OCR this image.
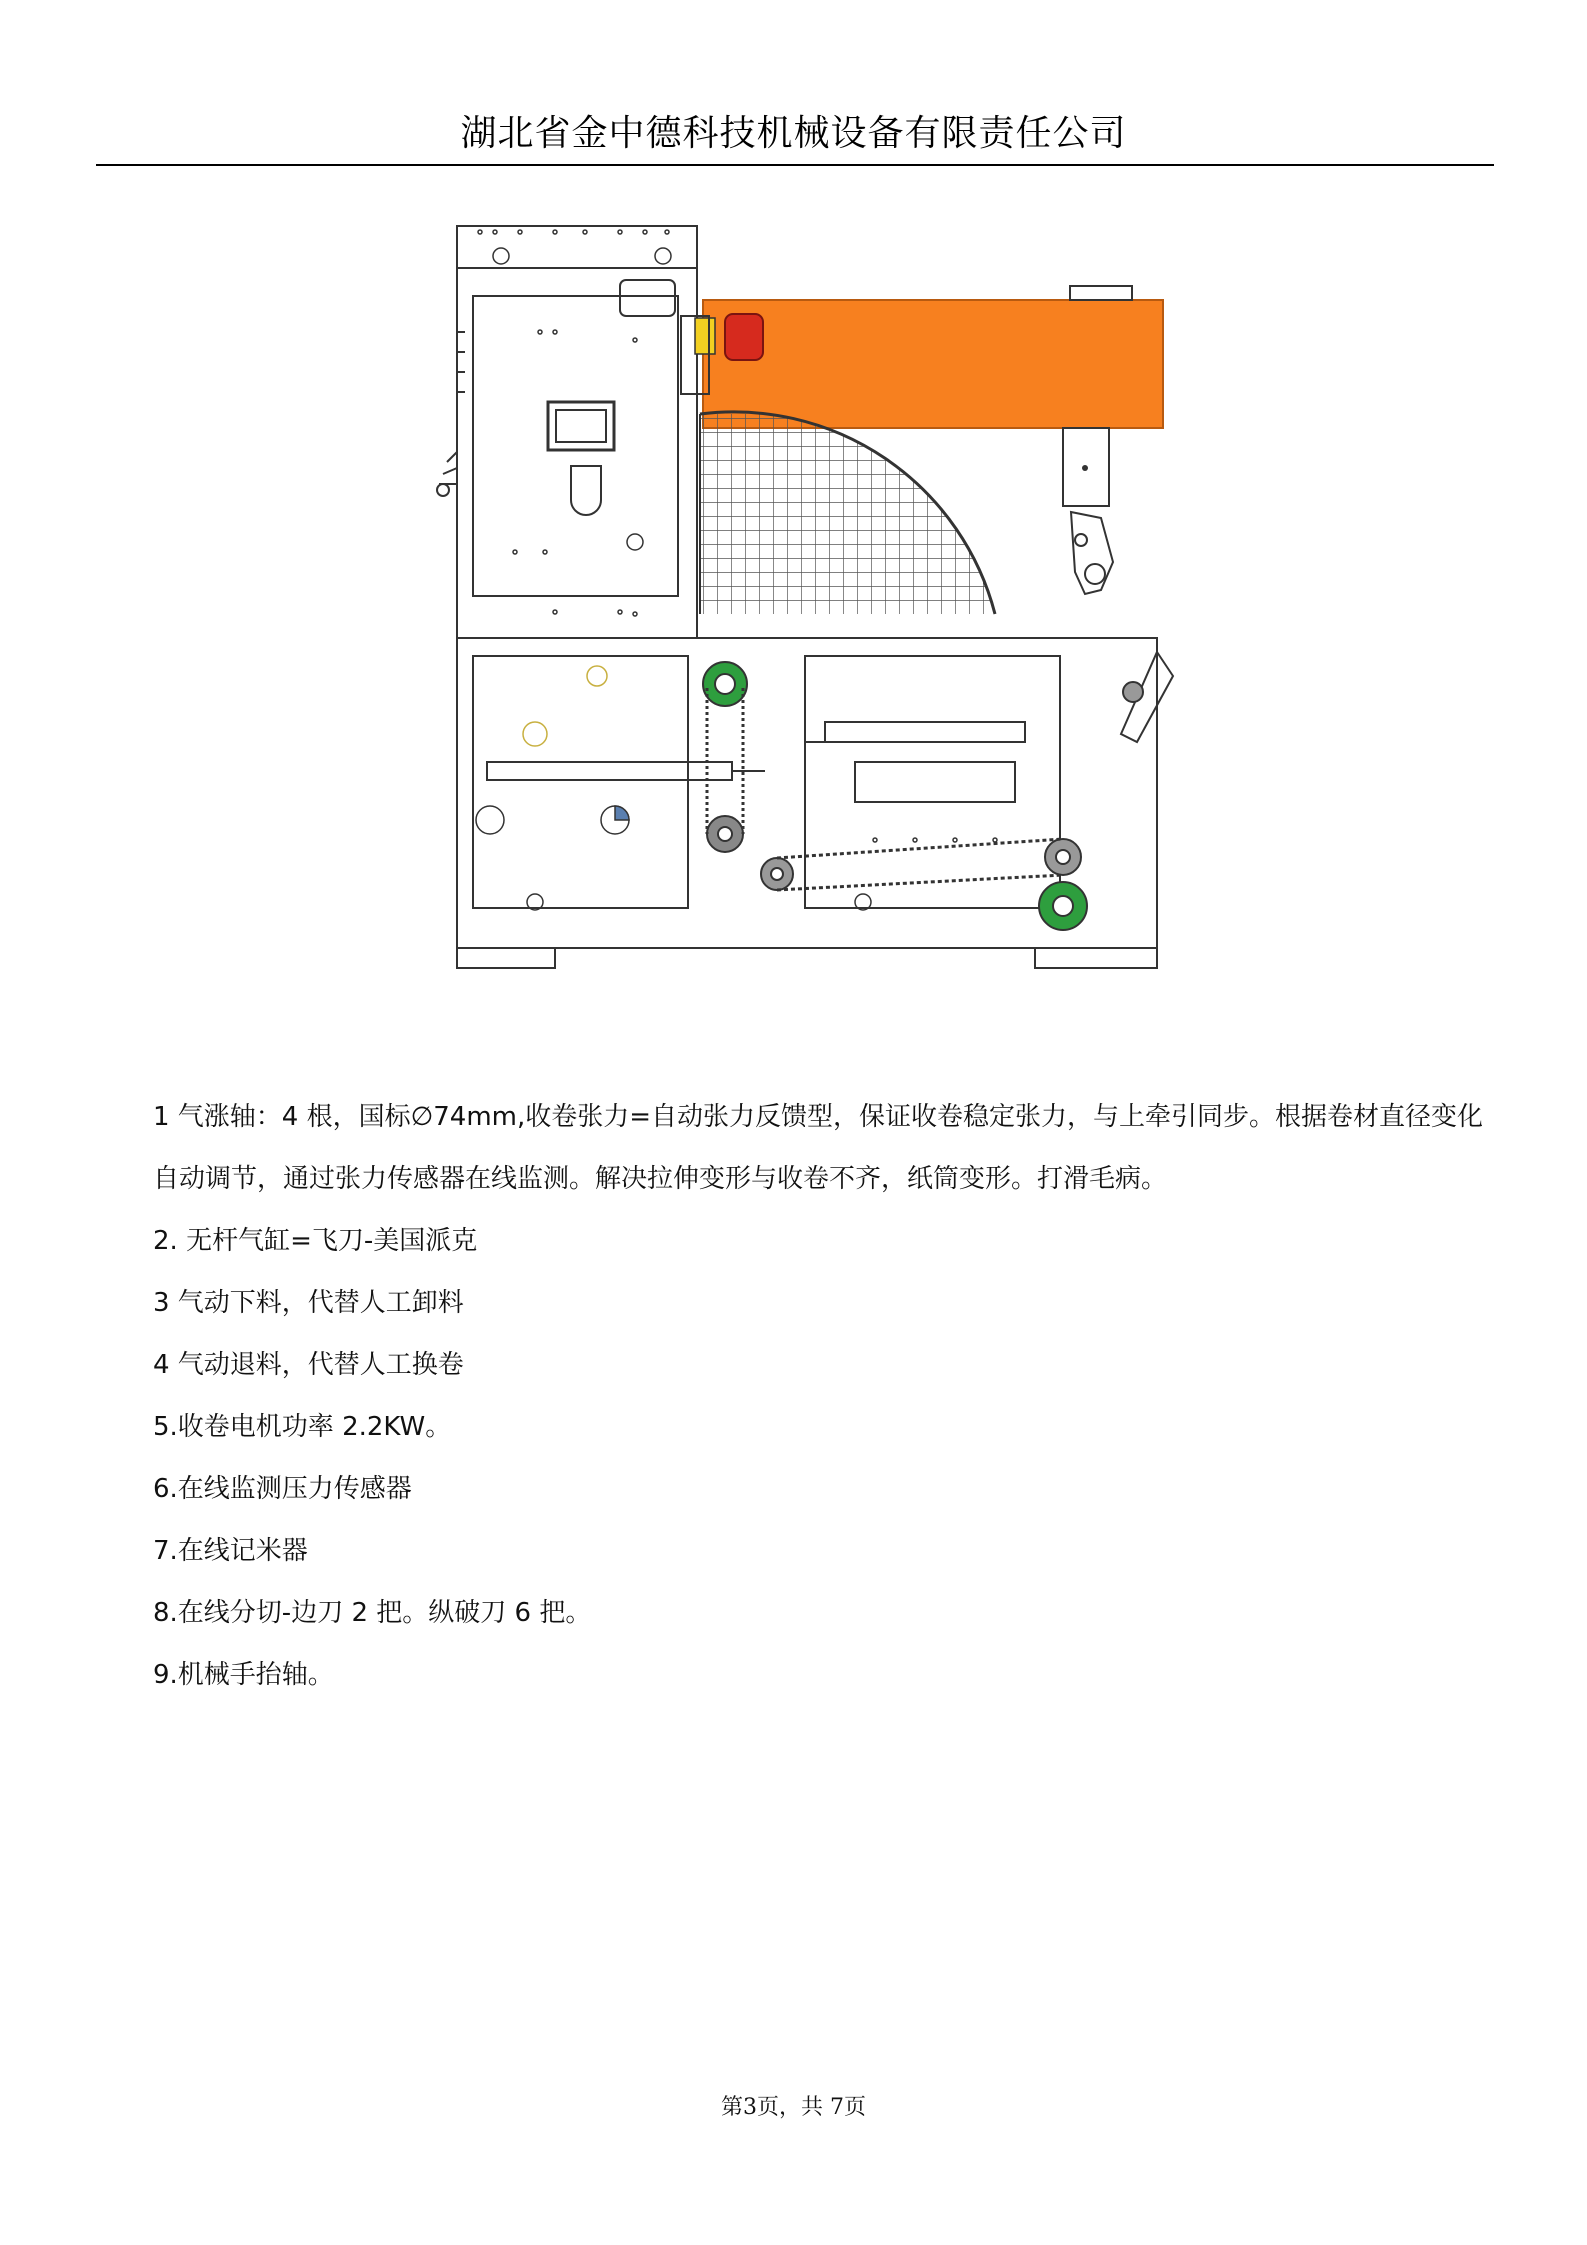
湖北省金中德科技机械设备有限责任公司

1 气涨轴：4 根，国标∅74mm,收卷张力=自动张力反馈型，保证收卷稳定张力，与上牵引同步。根据卷材直径变化自动调节，通过张力传感器在线监测。解决拉伸变形与收卷不齐，纸筒变形。打滑毛病。

2. 无杆气缸=飞刀-美国派克

3 气动下料，代替人工卸料

4 气动退料，代替人工换卷

5.收卷电机功率 2.2KW。

6.在线监测压力传感器

7.在线记米器

8.在线分切-边刀 2 把。纵破刀 6 把。

9.机械手抬轴。

第3页，共 7页
